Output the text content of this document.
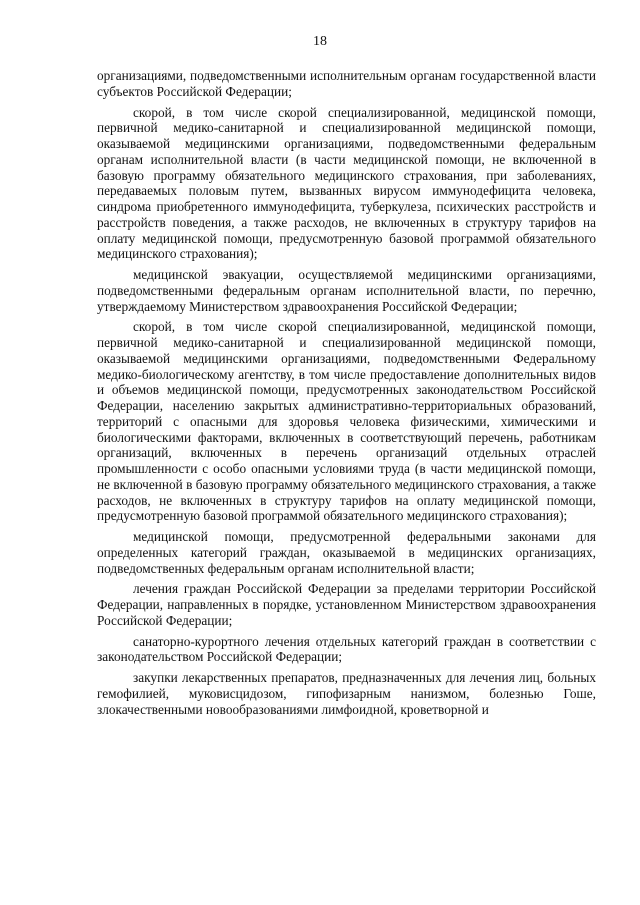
18

организациями, подведомственными исполнительным органам государственной власти субъектов Российской Федерации;

скорой, в том числе скорой специализированной, медицинской помощи, первичной медико-санитарной и специализированной медицинской помощи, оказываемой медицинскими организациями, подведомственными федеральным органам исполнительной власти (в части медицинской помощи, не включенной в базовую программу обязательного медицинского страхования, при заболеваниях, передаваемых половым путем, вызванных вирусом иммунодефицита человека, синдрома приобретенного иммунодефицита, туберкулеза, психических расстройств и расстройств поведения, а также расходов, не включенных в структуру тарифов на оплату медицинской помощи, предусмотренную базовой программой обязательного медицинского страхования);

медицинской эвакуации, осуществляемой медицинскими организациями, подведомственными федеральным органам исполнительной власти, по перечню, утверждаемому Министерством здравоохранения Российской Федерации;

скорой, в том числе скорой специализированной, медицинской помощи, первичной медико-санитарной и специализированной медицинской помощи, оказываемой медицинскими организациями, подведомственными Федеральному медико-биологическому агентству, в том числе предоставление дополнительных видов и объемов медицинской помощи, предусмотренных законодательством Российской Федерации, населению закрытых административно-территориальных образований, территорий с опасными для здоровья человека физическими, химическими и биологическими факторами, включенных в соответствующий перечень, работникам организаций, включенных в перечень организаций отдельных отраслей промышленности с особо опасными условиями труда (в части медицинской помощи, не включенной в базовую программу обязательного медицинского страхования, а также расходов, не включенных в структуру тарифов на оплату медицинской помощи, предусмотренную базовой программой обязательного медицинского страхования);

медицинской помощи, предусмотренной федеральными законами для определенных категорий граждан, оказываемой в медицинских организациях, подведомственных федеральным органам исполнительной власти;

лечения граждан Российской Федерации за пределами территории Российской Федерации, направленных в порядке, установленном Министерством здравоохранения Российской Федерации;

санаторно-курортного лечения отдельных категорий граждан в соответствии с законодательством Российской Федерации;

закупки лекарственных препаратов, предназначенных для лечения лиц, больных гемофилией, муковисцидозом, гипофизарным нанизмом, болезнью Гоше, злокачественными новообразованиями лимфоидной, кроветворной и
